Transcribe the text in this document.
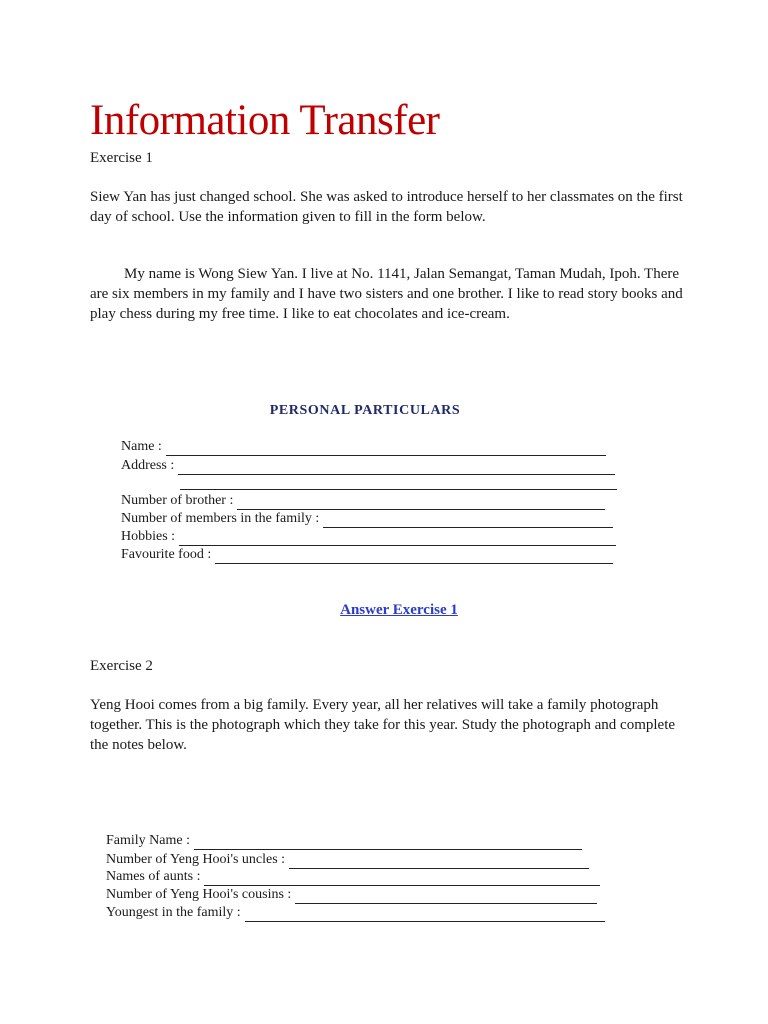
Information Transfer
Exercise 1
Siew Yan has just changed school. She was asked to introduce herself to her classmates on the first day of school. Use the information given to fill in the form below.
My name is Wong Siew Yan. I live at No. 1141, Jalan Semangat, Taman Mudah, Ipoh. There are six members in my family and I have two sisters and one brother. I like to read story books and play chess during my free time. I like to eat chocolates and ice-cream.
PERSONAL PARTICULARS
Name :
Address :
Number of brother :
Number of members in the family :
Hobbies :
Favourite food :
Answer Exercise 1
Exercise 2
Yeng Hooi comes from a big family. Every year, all her relatives will take a family photograph together. This is the photograph which they take for this year. Study the photograph and complete the notes below.
Family Name :
Number of Yeng Hooi's uncles :
Names of aunts :
Number of Yeng Hooi's cousins :
Youngest in the family :
